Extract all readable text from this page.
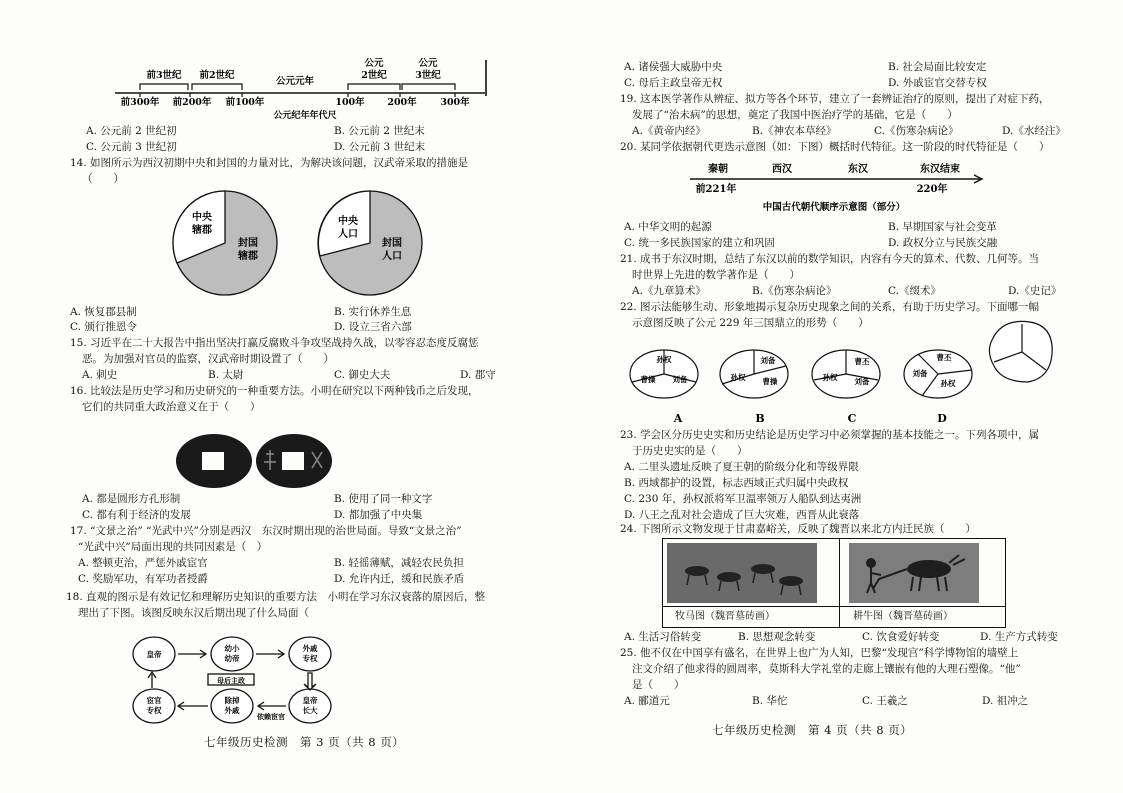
前3世纪 前2世纪
公元元年
公元
2世纪
公元
3世纪
前300年 前200年 前100年	100年 200年 300年
公元纪年年代尺
A. 公元前 2 世纪初	B. 公元前 2 世纪末
C. 公元前 3 世纪初	D. 公元前 3 世纪末
14. 如图所示为西汉初期中央和封国的力量对比，为解决该问题，汉武帝采取的措施是
（　　）
中央
辖郡
封国
辖郡
中央
人口
封国
人口
A. 恢复郡县制	B. 实行休养生息
C. 颁行推恩令	D. 设立三省六部
15. 习近平在二十大报告中指出坚决打赢反腐败斗争攻坚战持久战，以零容忍态度反腐惩
恶。为加强对官员的监察，汉武帝时期设置了（　　）
A. 刺史	B. 太尉	C. 御史大夫	D. 郡守
16. 比较法是历史学习和历史研究的一种重要方法。小明在研究以下两种钱币之后发现，
它们的共同重大政治意义在于（　　）
A. 都是圆形方孔形制	B. 使用了同一种文字
C. 都有利于经济的发展	D. 都加强了中央集
17. “文景之治” “光武中兴”分别是西汉　东汉时期出现的治世局面。导致“文景之治”
“光武中兴”局面出现的共同因素是（　）
A. 整顿吏治，严惩外戚宦官	B. 轻徭薄赋，减轻农民负担
C. 奖励军功，有军功者授爵	D. 允许内迁，缓和民族矛盾
18. 直观的图示是有效记忆和理解历史知识的重要方法　小明在学习东汉衰落的原因后，整
理出了下图。该图反映东汉后期出现了什么局面（
皇帝
幼小
幼帝
外戚
专权
皇帝
长大
除掉
外戚
宦官
专权
母后主政
依赖宦官
七年级历史检测　第 3 页（共 8 页）
A. 诸侯强大威胁中央	B. 社会局面比较安定
C. 母后主政皇帝无权	D. 外戚宦官交替专权
19. 这本医学著作从辨症、拟方等各个环节，建立了一套辨证治疗的原则，提出了对症下药，
发展了“治未病”的思想，奠定了我国中医治疗学的基础，它是（　　）
A.《黄帝内经》	B.《神农本草经》	C.《伤寒杂病论》	D.《水经注》
20. 某同学依据朝代更迭示意图（如：下图）概括时代特征。这一阶段的时代特征是（　　）
秦朝	西汉	东汉	东汉结束
前221年	220年
中国古代朝代顺序示意图（部分）
A. 中华文明的起源	B. 早期国家与社会变革
C. 统一多民族国家的建立和巩固	D. 政权分立与民族交融
21. 成书于东汉时期，总结了东汉以前的数学知识，内容有今天的算术、代数、几何等。当
时世界上先进的数学著作是（　　）
A.《九章算术》	B.《伤寒杂病论》	C.《缀术》	D.《史记》
22. 图示法能够生动、形象地揭示复杂历史现象之间的关系，有助于历史学习。下面哪一幅
示意图反映了公元 229 年三国鼎立的形势（　　）
孙权
曹操 刘备
刘备
孙权 曹操
曹丕
孙权 刘备
曹丕
刘备
孙权
A	B	C	D
23. 学会区分历史史实和历史结论是历史学习中必须掌握的基本技能之一。下列各项中，属
于历史史实的是（　　）
A. 二里头遗址反映了夏王朝的阶级分化和等级界限
B. 西域都护的设置，标志西域正式归属中央政权
C. 230 年，孙权派将军卫温率领万人船队到达夷洲
D. 八王之乱对社会造成了巨大灾难，西晋从此衰落
24. 下图所示文物发现于甘肃嘉峪关，反映了魏晋以来北方内迁民族（　　）
牧马图（魏晋墓砖画）	耕牛图（魏晋墓砖画）
A. 生活习俗转变	B. 思想观念转变	C. 饮食爱好转变	D. 生产方式转变
25. 他不仅在中国享有盛名，在世界上也广为人知，巴黎“发现宫”科学博物馆的墙壁上
注文介绍了他求得的圆周率，莫斯科大学礼堂的走廊上镶嵌有他的大理石塑像。“他”
是（　　）
A. 郦道元	B. 华佗	C. 王羲之	D. 祖冲之
七年级历史检测　第 4 页（共 8 页）
